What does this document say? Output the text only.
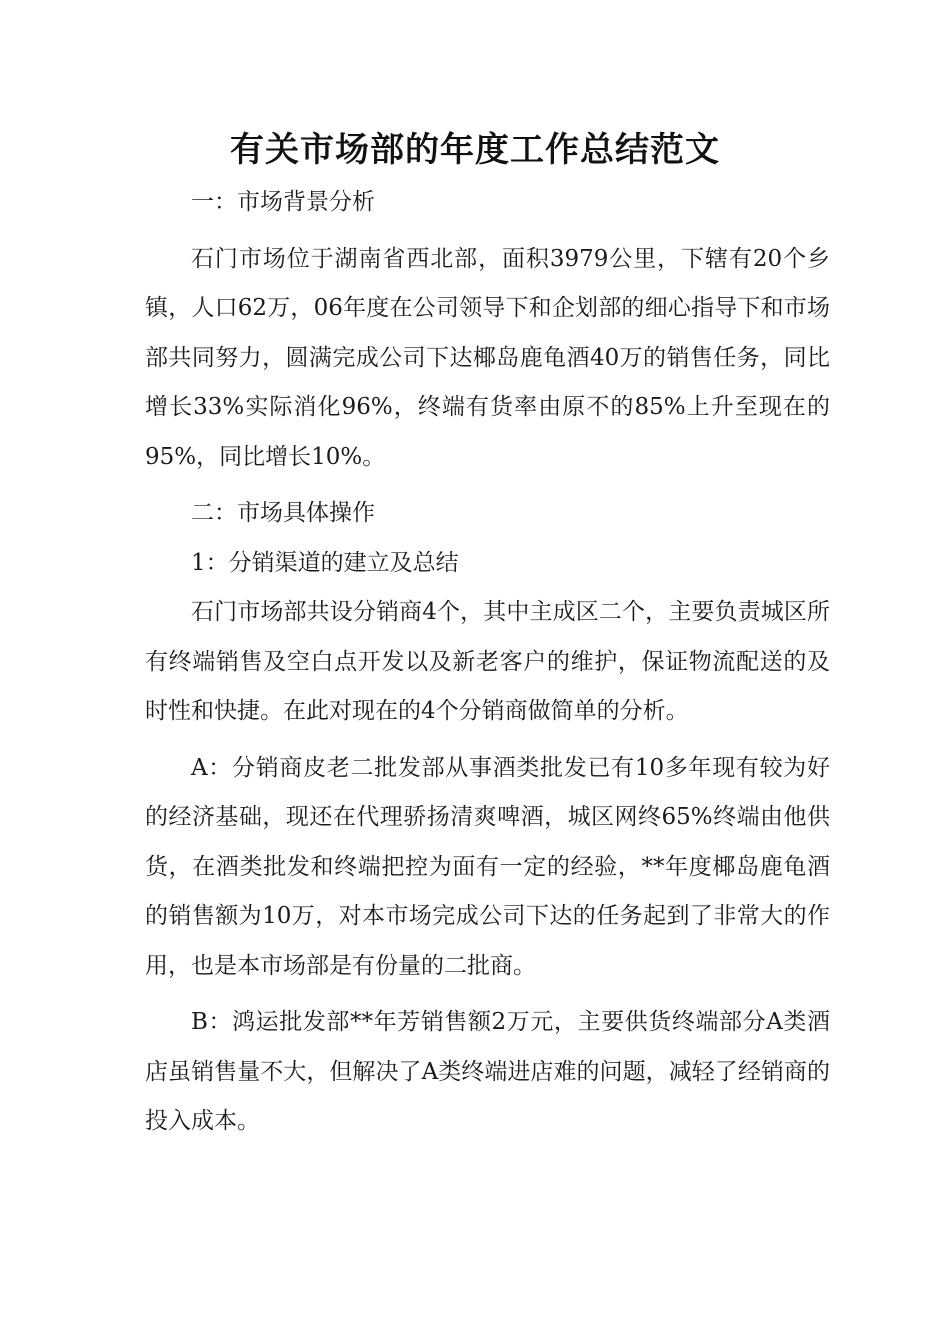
有关市场部的年度工作总结范文

一：市场背景分析

石门市场位于湖南省西北部，面积3979公里，下辖有20个乡镇，人口62万，06年度在公司领导下和企划部的细心指导下和市场部共同努力，圆满完成公司下达椰岛鹿龟酒40万的销售任务，同比增长33%实际消化96%，终端有货率由原不的85%上升至现在的95%，同比增长10%。

二：市场具体操作

1：分销渠道的建立及总结

石门市场部共设分销商4个，其中主成区二个，主要负责城区所有终端销售及空白点开发以及新老客户的维护，保证物流配送的及时性和快捷。在此对现在的4个分销商做简单的分析。

A：分销商皮老二批发部从事酒类批发已有10多年现有较为好的经济基础，现还在代理骄扬清爽啤酒，城区网终65%终端由他供货，在酒类批发和终端把控为面有一定的经验，**年度椰岛鹿龟酒的销售额为10万，对本市场完成公司下达的任务起到了非常大的作用，也是本市场部是有份量的二批商。

B：鸿运批发部**年芳销售额2万元，主要供货终端部分A类酒店虽销售量不大，但解决了A类终端进店难的问题，减轻了经销商的投入成本。
